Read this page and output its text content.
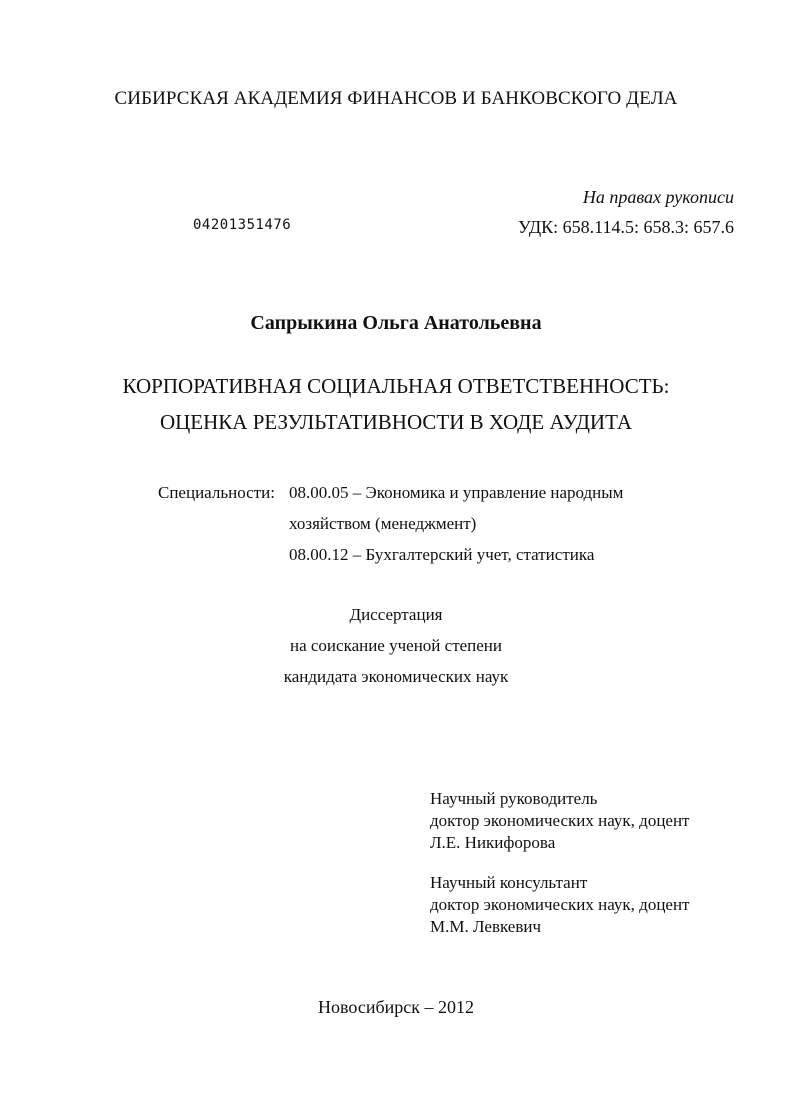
СИБИРСКАЯ АКАДЕМИЯ ФИНАНСОВ И БАНКОВСКОГО ДЕЛА
На правах рукописи
04201351476	УДК: 658.114.5: 658.3: 657.6
Сапрыкина Ольга Анатольевна
КОРПОРАТИВНАЯ СОЦИАЛЬНАЯ ОТВЕТСТВЕННОСТЬ:
ОЦЕНКА РЕЗУЛЬТАТИВНОСТИ В ХОДЕ АУДИТА
Специальности: 08.00.05 – Экономика и управление народным
хозяйством (менеджмент)
08.00.12 – Бухгалтерский учет, статистика
Диссертация
на соискание ученой степени
кандидата экономических наук
Научный руководитель
доктор экономических наук, доцент
Л.Е. Никифорова
Научный консультант
доктор экономических наук, доцент
М.М. Левкевич
Новосибирск – 2012
